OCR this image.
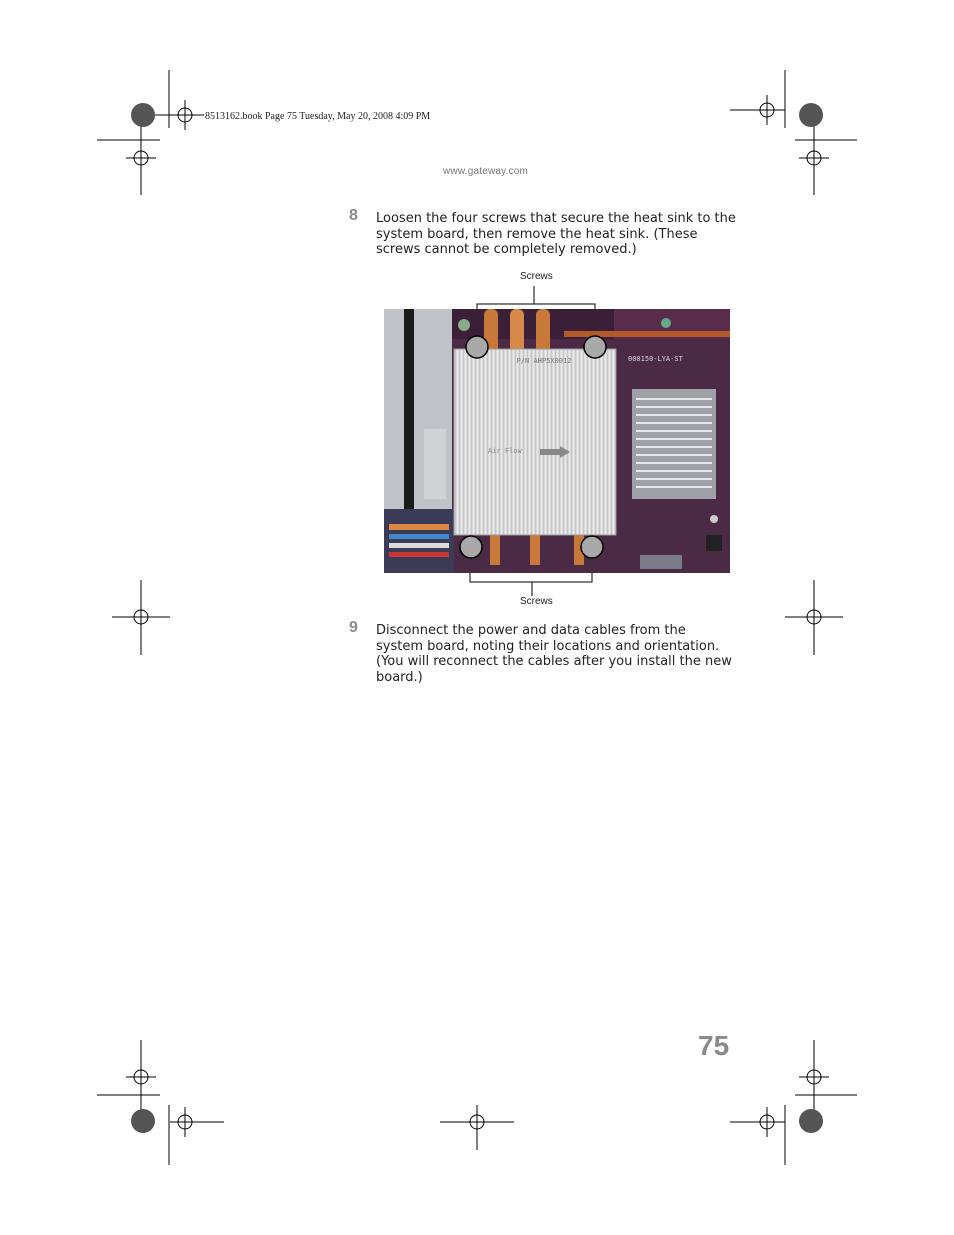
8513162.book Page 75 Tuesday, May 20, 2008 4:09 PM
www.gateway.com
8 Loosen the four screws that secure the heat sink to the system board, then remove the heat sink. (These screws cannot be completely removed.)
Screws
Screws
P/N AHP5X0012
Air Flow
000150-LYA-ST
9 Disconnect the power and data cables from the system board, noting their locations and orientation. (You will reconnect the cables after you install the new board.)
75
